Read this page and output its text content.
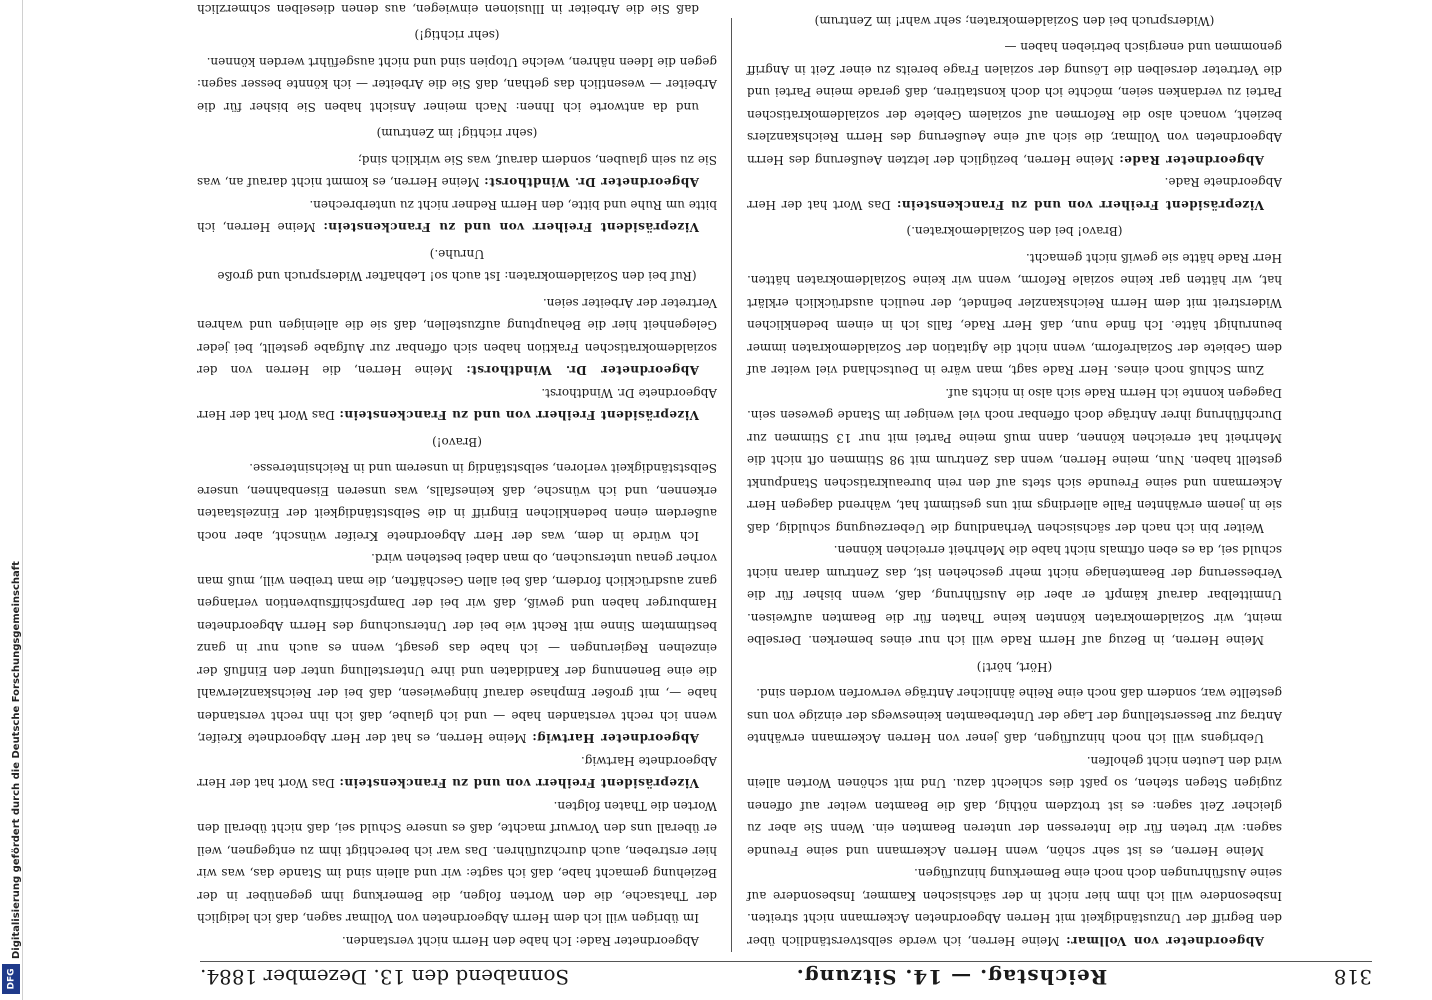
318
Reichstag. — 14. Sitzung.
Sonnabend den 13. Dezember 1884.

Abgeordneter von Vollmar: Meine Herren, ich werde selbstverständlich über den Begriff der Unzuständigkeit mit Herren Abgeordneten Ackermann nicht streiten. Insbesondere will ich ihm hier nicht in der sächsischen Kammer, Insbesondere auf seine Ausführungen doch noch eine Bemerkung hinzufügen.

Meine Herren, es ist sehr schön, wenn Herren Ackermann und seine Freunde sagen: wir treten für die Interessen der unteren Beamten ein. Wenn Sie aber zu gleicher Zeit sagen: es ist trotzdem nöthig, daß die Beamten weiter auf offenen zugigen Stegen stehen, so paßt dies schlecht dazu. Und mit schönen Worten allein wird den Leuten nicht geholfen.

Uebrigens will ich noch hinzufügen, daß jener von Herren Ackermann erwähnte Antrag zur Besserstellung der Lage der Unterbeamten keineswegs der einzige von uns gestellte war, sondern daß noch eine Reihe ähnlicher Anträge verworfen worden sind.

(Hört, hört!)

Meine Herren, in Bezug auf Herrn Rade will ich nur eines bemerken. Derselbe meint, wir Sozialdemokraten könnten keine Thaten für die Beamten aufweisen. Unmittelbar darauf kämpft er aber die Ausführung, daß, wenn bisher für die Verbesserung der Beamtenlage nicht mehr geschehen ist, das Zentrum daran nicht schuld sei, da es eben oftmals nicht habe die Mehrheit erreichen können.

Weiter bin ich nach der sächsischen Verhandlung die Ueberzeugung schuldig, daß sie in jenem erwähnten Falle allerdings mit uns gestimmt hat, während dagegen Herr Ackermann und seine Freunde sich stets auf den rein bureaukratischen Standpunkt gestellt haben. Nun, meine Herren, wenn das Zentrum mit 98 Stimmen oft nicht die Mehrheit hat erreichen können, dann muß meine Partei mit nur 13 Stimmen zur Durchführung ihrer Anträge doch offenbar noch viel weniger im Stande gewesen sein. Dagegen konnte ich Herrn Rade sich also in nichts auf.

Zum Schluß noch eines. Herr Rade sagt, man wäre in Deutschland viel weiter auf dem Gebiete der Sozialreform, wenn nicht die Agitation der Sozialdemokraten immer beunruhigt hätte. Ich finde nun, daß Herr Rade, falls ich in einem bedenklichen Widerstreit mit dem Herrn Reichskanzler befindet, der neulich ausdrücklich erklärt hat, wir hätten gar keine soziale Reform, wenn wir keine Sozialdemokraten hätten. Herr Rade hätte sie gewiß nicht gemacht.

(Bravo! bei den Sozialdemokraten.)

Vizepräsident Freiherr von und zu Franckenstein: Das Wort hat der Herr Abgeordnete Rade.

Abgeordneter Rade: Meine Herren, bezüglich der letzten Aeußerung des Herrn Abgeordneten von Vollmar, die sich auf eine Aeußerung des Herrn Reichskanzlers bezieht, wonach also die Reformen auf sozialem Gebiete der sozialdemokratischen Partei zu verdanken seien, möchte ich doch konstatiren, daß gerade meine Partei und die Vertreter derselben die Lösung der sozialen Frage bereits zu einer Zeit in Angriff genommen und energisch betrieben haben —

(Widerspruch bei den Sozialdemokraten; sehr wahr! im Zentrum)

Abgeordneter Rade: Ich habe den Herrn nicht verstanden.

Im übrigen will ich dem Herrn Abgeordneten von Vollmar sagen, daß ich lediglich der Thatsache, die den Worten folgen, die Bemerkung ihm gegenüber in der Beziehung gemacht habe, daß ich sagte: wir und allein sind im Stande das, was wir hier erstreben, auch durchzuführen. Das war ich berechtigt ihm zu entgegnen, weil er überall uns den Vorwurf machte, daß es unsere Schuld sei, daß nicht überall den Worten die Thaten folgten.

Vizepräsident Freiherr von und zu Franckenstein: Das Wort hat der Herr Abgeordnete Hartwig.

Abgeordneter Hartwig: Meine Herren, es hat der Herr Abgeordnete Kreifer, wenn ich recht verstanden habe — und ich glaube, daß ich ihn recht verstanden habe —, mit großer Emphase darauf hingewiesen, daß bei der Reichskanzlerwahl die eine Benennung der Kandidaten und ihre Unterstellung unter den Einfluß der einzelnen Regierungen — ich habe das gesagt, wenn es auch nur in ganz bestimmtem Sinne mit Recht wie bei der Untersuchung des Herrn Abgeordneten Hamburger haben und gewiß, daß wir bei der Dampfschiffsubvention verlangen ganz ausdrücklich fordern, daß bei allen Geschäften, die man treiben will, muß man vorher genau untersuchen, ob man dabei bestehen wird.

Ich würde in dem, was der Herr Abgeordnete Kreifer wünscht, aber noch außerdem einen bedenklichen Eingriff in die Selbstständigkeit der Einzelstaaten erkennen, und ich wünsche, daß keinesfalls, was unseren Eisenbahnen, unsere Selbstständigkeit verloren, selbstständig in unserem und in Reichsinteresse.

(Bravo!)

Vizepräsident Freiherr von und zu Franckenstein: Das Wort hat der Herr Abgeordnete Dr. Windthorst.

Abgeordneter Dr. Windthorst: Meine Herren, die Herren von der sozialdemokratischen Fraktion haben sich offenbar zur Aufgabe gestellt, bei jeder Gelegenheit hier die Behauptung aufzustellen, daß sie die alleinigen und wahren Vertreter der Arbeiter seien.

(Ruf bei den Sozialdemokraten: Ist auch so! Lebhafter Widerspruch und große Unruhe.)

Vizepräsident Freiherr von und zu Franckenstein: Meine Herren, ich bitte um Ruhe und bitte, den Herrn Redner nicht zu unterbrechen.

Abgeordneter Dr. Windthorst: Meine Herren, es kommt nicht darauf an, was Sie zu sein glauben, sondern darauf, was Sie wirklich sind;

(sehr richtig! im Zentrum)

und da antworte ich Ihnen: Nach meiner Ansicht haben Sie bisher für die Arbeiter — wesentlich das gethan, daß Sie die Arbeiter — ich könnte besser sagen: gegen die Ideen nähren, welche Utopien sind und nicht ausgeführt werden können.

(sehr richtig!)

daß Sie die Arbeiter in Illusionen einwiegen, aus denen dieselben schmerzlich

Digitalisierung gefördert durch die Deutsche Forschungsgemeinschaft
DFG
